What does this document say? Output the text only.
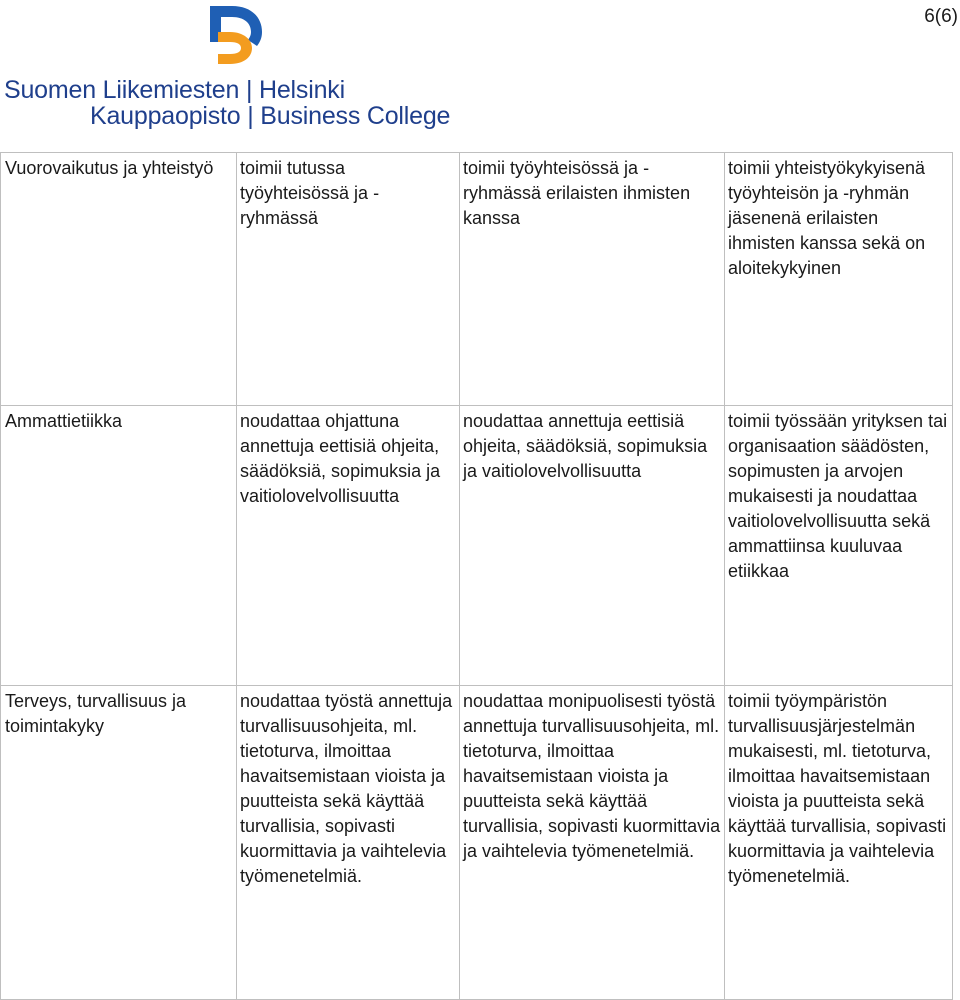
6(6)
Suomen Liikemiesten | Helsinki
Kauppaopisto | Business College
Vuorovaikutus ja yhteistyö	toimii tutussa työyhteisössä ja -ryhmässä	toimii työyhteisössä ja -ryhmässä erilaisten ihmisten kanssa	toimii yhteistyökykyisenä työyhteisön ja -ryhmän jäsenenä erilaisten ihmisten kanssa sekä on aloitekykyinen
Ammattietiikka	noudattaa ohjattuna annettuja eettisiä ohjeita, säädöksiä, sopimuksia ja vaitiolovelvollisuutta	noudattaa annettuja eettisiä ohjeita, säädöksiä, sopimuksia ja vaitiolovelvollisuutta	toimii työssään yrityksen tai organisaation säädösten, sopimusten ja arvojen mukaisesti ja noudattaa vaitiolovelvollisuutta sekä ammattiinsa kuuluvaa etiikkaa
Terveys, turvallisuus ja toimintakyky	noudattaa työstä annettuja turvallisuusohjeita, ml. tietoturva, ilmoittaa havaitsemistaan vioista ja puutteista sekä käyttää turvallisia, sopivasti kuormittavia ja vaihtelevia työmenetelmiä.	noudattaa monipuolisesti työstä annettuja turvallisuusohjeita, ml. tietoturva, ilmoittaa havaitsemistaan vioista ja puutteista sekä käyttää turvallisia, sopivasti kuormittavia ja vaihtelevia työmenetelmiä.	toimii työympäristön turvallisuusjärjestelmän mukaisesti, ml. tietoturva, ilmoittaa havaitsemistaan vioista ja puutteista sekä käyttää turvallisia, sopivasti kuormittavia ja vaihtelevia työmenetelmiä.
